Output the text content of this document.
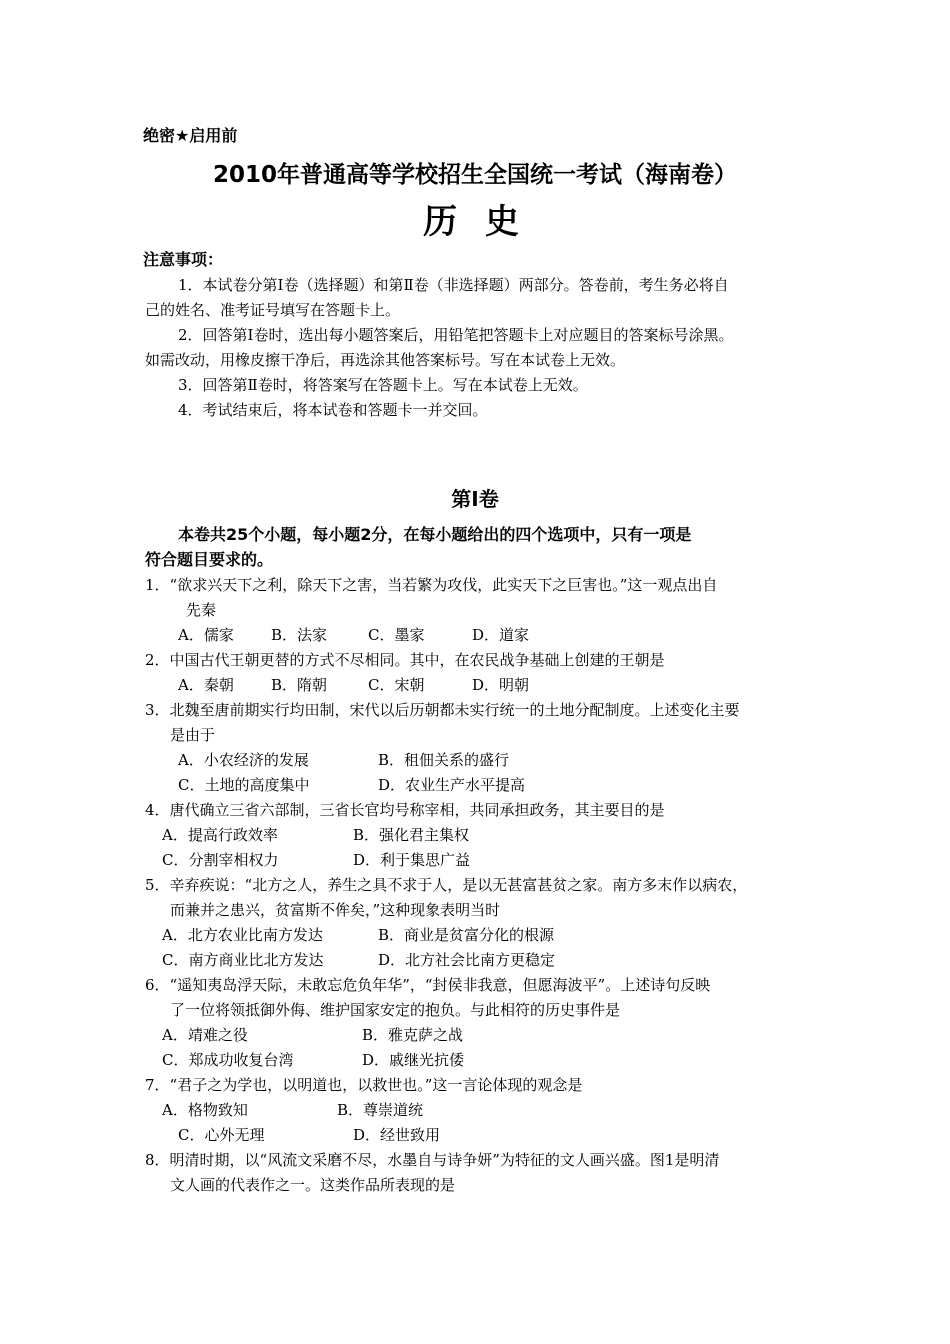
绝密★启用前
2010年普通高等学校招生全国统一考试（海南卷）
历 史
注意事项：
1．本试卷分第Ⅰ卷（选择题）和第Ⅱ卷（非选择题）两部分。答卷前，考生务必将自
己的姓名、准考证号填写在答题卡上。
2．回答第Ⅰ卷时，选出每小题答案后，用铅笔把答题卡上对应题目的答案标号涂黑。
如需改动，用橡皮擦干净后，再选涂其他答案标号。写在本试卷上无效。
3．回答第Ⅱ卷时，将答案写在答题卡上。写在本试卷上无效。
4．考试结束后，将本试卷和答题卡一并交回。
第Ⅰ卷
本卷共25个小题，每小题2分，在每小题给出的四个选项中，只有一项是
符合题目要求的。
1．“欲求兴天下之利，除天下之害，当若繁为攻伐，此实天下之巨害也。”这一观点出自
先秦
A．儒家 B．法家	C．墨家	D．道家
2．中国古代王朝更替的方式不尽相同。其中，在农民战争基础上创建的王朝是
A．秦朝 B．隋朝	C．宋朝	D．明朝
3．北魏至唐前期实行均田制，宋代以后历朝都未实行统一的土地分配制度。上述变化主要
是由于
A．小农经济的发展	B．租佃关系的盛行
C．土地的高度集中	D．农业生产水平提高
4．唐代确立三省六部制，三省长官均号称宰相，共同承担政务，其主要目的是
A．提高行政效率	B．强化君主集权
C．分割宰相权力	D．利于集思广益
5．辛弃疾说：“北方之人，养生之具不求于人，是以无甚富甚贫之家。南方多末作以病农，
而兼并之患兴，贫富斯不侔矣，”这种现象表明当时
A．北方农业比南方发达	B．商业是贫富分化的根源
C．南方商业比北方发达	D．北方社会比南方更稳定
6．“遥知夷岛浮天际，未敢忘危负年华”，“封侯非我意，但愿海波平”。上述诗句反映
了一位将领抵御外侮、维护国家安定的抱负。与此相符的历史事件是
A．靖难之役	B．雅克萨之战
C．郑成功收复台湾	D．戚继光抗倭
7．“君子之为学也，以明道也，以救世也。”这一言论体现的观念是
A．格物致知	B．尊崇道统
C．心外无理	D．经世致用
8．明清时期，以“风流文采磨不尽，水墨自与诗争妍”为特征的文人画兴盛。图1是明清
文人画的代表作之一。这类作品所表现的是
